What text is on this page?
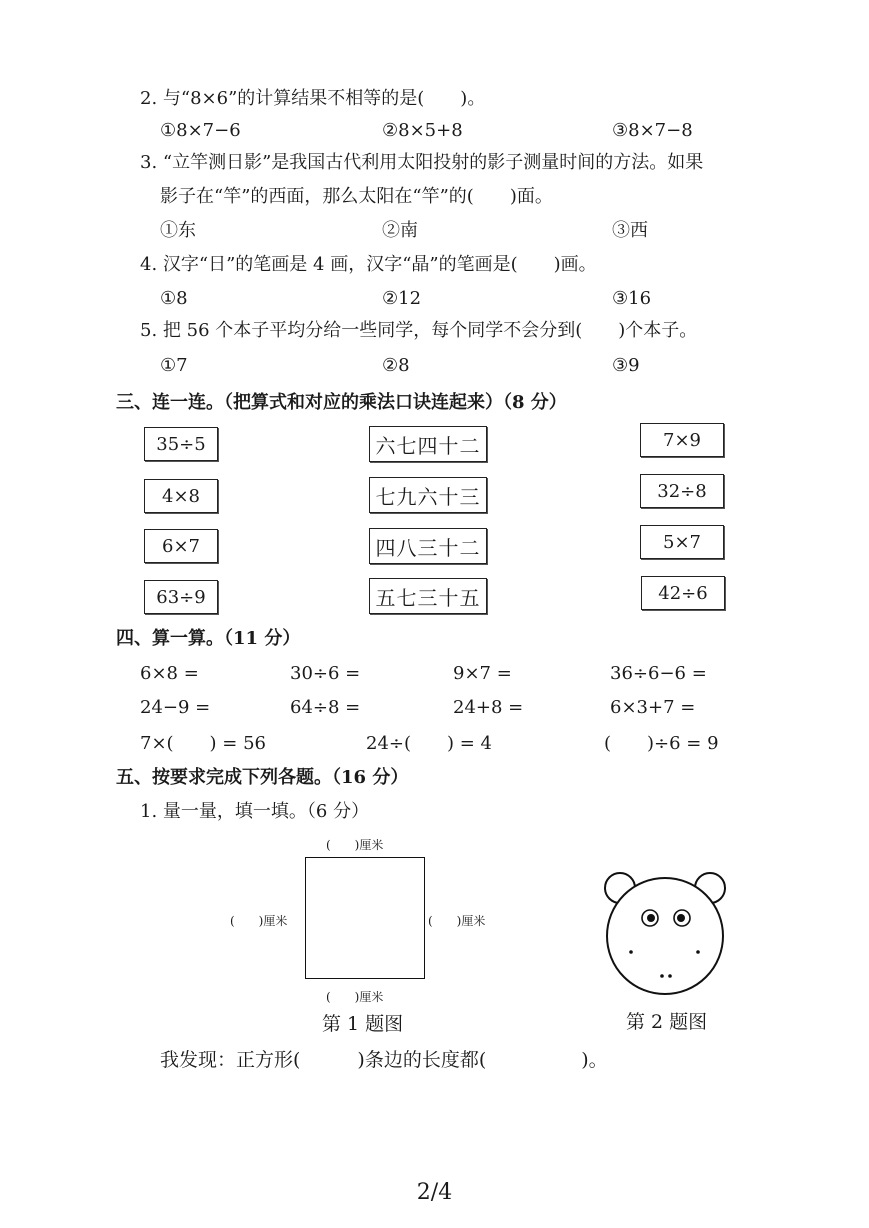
2. 与“8×6”的计算结果不相等的是(　　)。
①8×7−6	②8×5+8	③8×7−8
3. “立竿测日影”是我国古代利用太阳投射的影子测量时间的方法。如果
影子在“竿”的西面，那么太阳在“竿”的(　　)面。
①东	②南	③西
4. 汉字“日”的笔画是 4 画，汉字“晶”的笔画是(　　)画。
①8	②12	③16
5. 把 56 个本子平均分给一些同学，每个同学不会分到(　　)个本子。
①7	②8	③9
三、连一连。（把算式和对应的乘法口诀连起来）（8 分）
35÷5
4×8
6×7
63÷9
六七四十二
七九六十三
四八三十二
五七三十五
7×9
32÷8
5×7
42÷6
四、算一算。（11 分）
6×8 =	30÷6 =	9×7 =	36÷6−6 =
24−9 =	64÷8 =	24+8 =	6×3+7 =
7×(　　) = 56	24÷(　　) = 4	(　　)÷6 = 9
五、按要求完成下列各题。（16 分）
1. 量一量，填一填。（6 分）
(　　)厘米
(　　)厘米	(　　)厘米
(　　)厘米
第 1 题图	第 2 题图
我发现：正方形(　　　)条边的长度都(　　　　　)。
2/4
